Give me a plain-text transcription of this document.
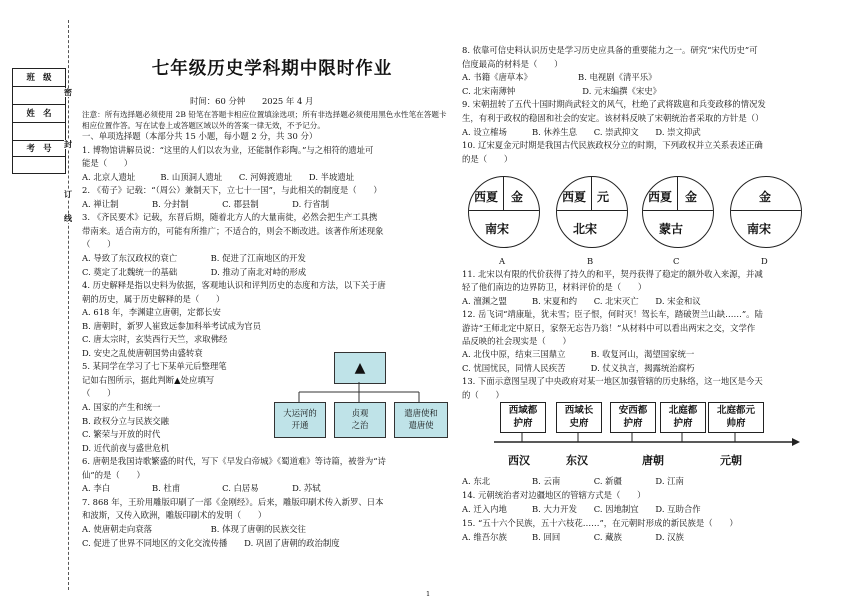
班　级
姓　名
考　号
密
封
订
线
七年级历史学科期中限时作业
时间：60 分钟　　2025 年 4 月
注意：所有选择题必须使用 2B 铅笔在答题卡相应位置填涂选项；所有非选择题必须使用黑色水性笔在答题卡相应位置作答。写在试卷上或答题区域以外的答案一律无效，不予记分。
一、单项选择题（本部分共 15 小题，每小题 2 分，共 30 分）
1. 博物馆讲解员说：“这里的人们以农为业，还能制作彩陶。”与之相符的遗址可
能是（　　）
A. 北京人遗址　　　B. 山顶洞人遗址　　C. 河姆渡遗址　　D. 半坡遗址
2. 《荀子》记载：“（周公）兼制天下，立七十一国”，与此相关的制度是（　　）
A. 禅让制　　　　B. 分封制　　　　C. 郡县制　　　　D. 行省制
3. 《齐民要术》记载，东晋后期，随着北方人的大量南徙，必然会把生产工具携
带南来。适合南方的，可能有所推广；不适合的，则会不断改进。该著作所述现象
（　　）
A. 导致了东汉政权的衰亡　　　　B. 促进了江南地区的开发
C. 奠定了北魏统一的基础　　　　D. 推动了南北对峙的形成
4. 历史解释是指以史料为依据，客观地认识和评判历史的态度和方法，以下关于唐
朝的历史，属于历史解释的是（　　）
A. 618 年，李渊建立唐朝，定都长安
B. 唐朝时，新罗人崔致远参加科举考试成为官员
C. 唐太宗时，玄奘西行天竺，求取佛经
D. 安史之乱使唐朝国势由盛转衰
5. 某同学在学习了七下某单元后整理笔
记如右图所示，据此判断▲处应填写
（　　）
A. 国家的产生和统一
B. 政权分立与民族交融
C. 繁荣与开放的时代
D. 近代前夜与盛世危机
6. 唐朝是我国诗歌繁盛的时代，写下《早发白帝城》《蜀道难》等诗篇，被誉为“诗
仙”的是（　　）
A. 李白　　　　　B. 杜甫　　　　　C. 白居易　　　　D. 苏轼
7. 868 年，王玠用雕版印刷了一部《金刚经》。后来，雕版印刷术传入新罗、日本
和波斯，又传入欧洲，雕版印刷术的发明（　　）
A. 使唐朝走向衰落　　　　　　　B. 体现了唐朝的民族交往
C. 促进了世界不同地区的文化交流传播　　D. 巩固了唐朝的政治制度
▲
大运河的
开通
贞观
之治
遣唐使和
遣唐使
8. 依靠可信史料认识历史是学习历史应具备的重要能力之一。研究“宋代历史”可
信度最高的材料是（　　）
A. 书籍《唐草本》　　　　　　B. 电视剧《清平乐》
C. 北宋南薄钟　　　　　　　　D. 元末编撰《宋史》
9. 宋朝扭转了五代十国时期尚武轻文的风气，杜绝了武将跋扈和兵变政移的情况发
生，有利于政权的稳固和社会的安定。该材料反映了宋朝统治者采取的方针是（）
A. 设立榷场　　　B. 休养生息　　C. 崇武抑文　　D. 崇文抑武
10. 辽宋夏金元时期是我国古代民族政权分立的时期，下列政权并立关系表述正确
的是（　　）
西夏 金
南宋
A
西夏 元
北宋
B
西夏 金
蒙古
C
金
南宋
D
11. 北宋以有限的代价获得了持久的和平，契丹获得了稳定的额外收入来源，并减
轻了他们南边的边界防卫，材料评价的是（　　）
A. 澶渊之盟　　　B. 宋夏和约　　C. 北宋灭亡　　D. 宋金和议
12. 岳飞词“靖康耻，犹未雪；臣子恨，何时灭！驾长车，踏破贺兰山缺……”。陆
游诗“王师北定中原日，家祭无忘告乃翁！”从材料中可以看出两宋之交，文学作
品反映的社会现实是（　　）
A. 北伐中原，结束三国鼎立　　　B. 收复河山，渴望国家统一
C. 忧国忧民，同情人民疾苦　　　D. 仗义执言，揭露统治腐朽
13. 下面示意图呈现了中央政府对某一地区加强管辖的历史脉络，这一地区是今天
的（　　）
西域都
护府
西域长
史府
安西都
护府
北庭都
护府
北庭都元
帅府
西汉	东汉	唐朝	元朝
A. 东北　　　　　B. 云南　　　　C. 新疆　　　　D. 江南
14. 元朝统治者对边疆地区的管辖方式是（　　）
A. 迁入内地　　　B. 大力开发　　C. 因地制宜　　D. 互助合作
15. “五十六个民族，五十六枝花……”，在元朝时形成的新民族是（　　）
A. 维吾尔族　　　B. 回回　　　　C. 藏族　　　　D. 汉族
1
